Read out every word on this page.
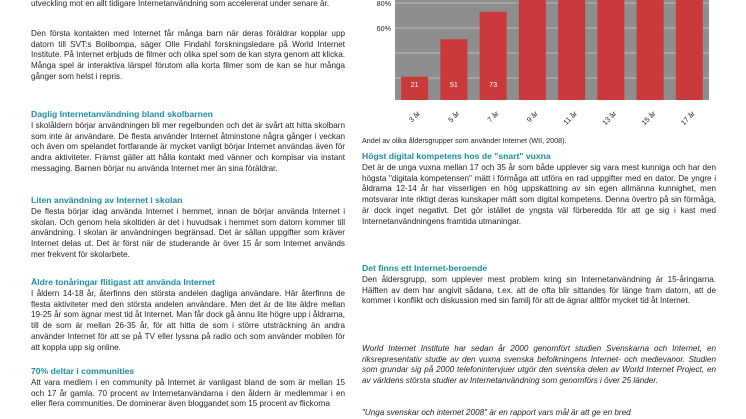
utveckling mot en allt tidigare Internetanvändning som accelererat under senare år.

Den första kontakten med Internet får många barn när deras föräldrar kopplar upp datorn till SVT:s Bolibompa, säger Olle Findahl forskningsledare på World Internet Institute. På Internet erbjuds de filmer och olika spel som de kan styra genom att klicka. Många spel är interaktiva lärspel förutom alla korta filmer som de kan se hur många gånger som helst i repris.

Daglig Internetanvändning bland skolbarnen

I skolåldern börjar användningen bli mer regelbunden och det är svårt att hitta skolbarn som inte är användare. De flesta använder Internet åtminstone några gånger i veckan och även om spelandet fortfarande är mycket vanligt börjar Internet användas även för andra aktiviteter. Främst gäller att hålla kontakt med vänner och kompisar via instant messaging. Barnen börjar nu använda Internet mer än sina föräldrar.

Liten användning av Internet i skolan

De flesta börjar idag använda Internet i hemmet, innan de börjar använda Internet i skolan. Och genom hela skoltiden är det i huvudsak i hemmet som datorn kommer till användning. I skolan är användningen begränsad. Det är sällan uppgifter som kräver Internet delas ut. Det är först när de studerande är över 15 år som Internet används mer frekvent för skolarbete.

Äldre tonåringar flitigast att använda Internet

I åldern 14-18 år, återfinns den största andelen dagliga användare. Här återfinns de flesta aktiviteter med den största andelen användare. Men det är de lite äldre mellan 19-25 år som ägnar mest tid åt Internet. Man får dock gå ännu lite högre upp i åldrarna, till de som är mellan 26-35 år, för att hitta de som i större utsträckning än andra använder Internet för att se på TV eller lyssna på radio och som använder mobilen för att koppla upp sig online.

70% deltar i communities

Att vara medlem i en community på Internet är vanligast bland de som är mellan 15 och 17 år gamla. 70 procent av Internetanvändarna i den åldern är medlemmar i en eller flera communities. De dominerar även bloggandet som 15 procent av flickorna

80%
60%
21
3 år
51
5 år
73
7 år	9 år	11 år	13 år	15 år	17 år
Andel av olika åldersgrupper som använder Internet (WII, 2008).
Högst digital kompetens hos de "snart" vuxna

Det är de unga vuxna mellan 17 och 35 år som både upplever sig vara mest kunniga och har den högsta "digitala kompetensen" mätt i förmåga att utföra en rad uppgifter med en dator. De yngre i åldrarna 12-14 år har visserligen en hög uppskattning av sin egen allmänna kunnighet, men motsvarar inte riktigt deras kunskaper mätt som digital kompetens. Denna övertro på sin förmåga, är dock inget negativt. Det gör istället de yngsta väl förberedda för att ge sig i kast med Internetanvändningens framtida utmaningar.

Det finns ett Internet-beroende

Den åldersgrupp, som upplever mest problem kring sin Internetanvändning är 15-åringarna. Hälften av dem har angivit sådana, t.ex. att de ofta blir sittandes för länge fram datorn, att de kommer i konflikt och diskussion med sin familj för att de ägnar alltför mycket tid åt Internet.

World Internet Institute har sedan år 2000 genomfört studien Svenskarna och Internet, en riksrepresentativ studie av den vuxna svenska befolkningens Internet- och medievanor. Studien som grundar sig på 2000 telefonintervjuer utgör den svenska delen av World Internet Project, en av världens största studier av Internetanvändning som genomförs i över 25 länder.

"Unga svenskar och internet 2008" är en rapport vars mål är att ge en bred
